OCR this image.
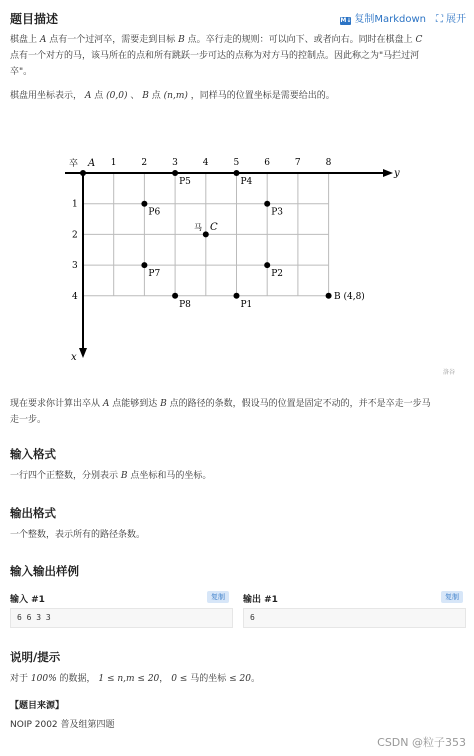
题目描述	M↓ 复制Markdown ⛶ 展开
棋盘上 A 点有一个过河卒，需要走到目标 B 点。卒行走的规则：可以向下、或者向右。同时在棋盘上 C
点有一个对方的马，该马所在的点和所有跳跃一步可达的点称为对方马的控制点。因此称之为"马拦过河
卒"。
棋盘用坐标表示， A 点 (0,0) 、 B 点 (n,m) ，同样马的位置坐标是需要给出的。
y
x
1	2	3	4	5	6	7	8
1
2
3
4
P1
P2
P3
P4
P5
P6
P7
P8
卒 A
马 C
B (4,8)
洛谷
现在要求你计算出卒从 A 点能够到达 B 点的路径的条数，假设马的位置是固定不动的，并不是卒走一步马
走一步。
输入格式
一行四个正整数，分别表示 B 点坐标和马的坐标。
输出格式
一个整数，表示所有的路径条数。
输入输出样例
输入 #1	复制
6 6 3 3
输出 #1	复制
6
说明/提示
对于 100% 的数据， 1 ≤ n,m ≤ 20， 0 ≤ 马的坐标 ≤ 20。
【题目来源】
NOIP 2002 普及组第四题
CSDN @粒子353
